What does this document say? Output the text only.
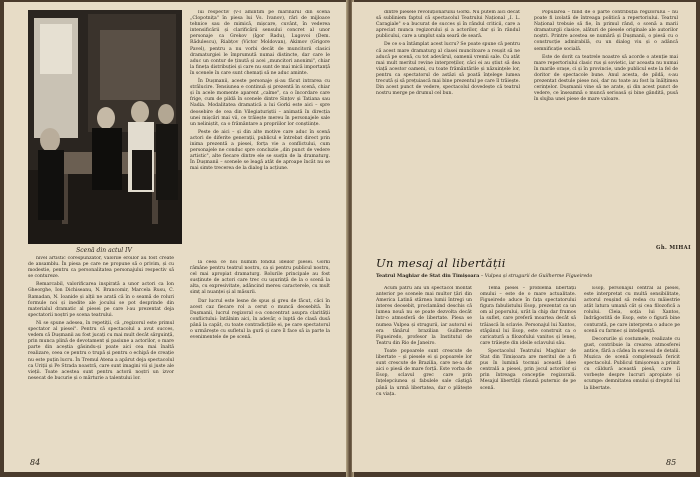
Scenă din actul IV

lui respectiv (v-l amintim pe marinarul din scena „Clopotnița" în piesa lui Vs. Ivanov), rări de mijloace tehnice sau de mimică, mișcare, cuvânt, în vederea intensificării și clarificării sensului concret al unor personaje ca Grekov (Igor Radu), Lugovoi (Dem. Rădulescu), Riabțov (Victor Moldovan), Akimov (Grigore Pavel), pentru a nu vorbi decât de muncitorii clasici dramaturgiei le împrumută numai distincte, dar care le aduc un contur de ținută și acei „muncitori anonimi", chiar la fineța distribuției și care nu sunt de mai mică importanță în scenele în care sunt chemați să ne aduc aminte.

În Dușmanii, aceste personaje și-au făcut intrarea cu strălucire. Tensiunea e continuă și prezentă în scenă, chiar și în acele momente aparent „calme", ca o încordare care frige, cum de pildă în scenele dintre Sințov și Tatiana sau Nadia. Modalitatea dramatică a lui Gorki este aici – spre deosebire de cea din Vilegiaturiștii – animată în direcția unei mișcări mai vii, ce trăiește mereu în personajele sale un neliniștit, ca o frământare a propriilor lor conștiințe.

Peste de aici – și din alte motive care aduc în scenă actori de diferite generații, publicul e întrebat direct prin inima prezentă a piesei, forța vie a conflictului, cum personajele ne conduc spre concluzie „din punct de vedere artistic", alte fiecare dintre ele se susțin de la dramaturg. În Dușmanii – scenele se leagă atât de aproape încât nu se mai simte trecerea de la dialog la acțiune.

nivel artistic corespunzător, valorile eroilor au fost create de ansamblu. În piesa pe care ne propune să o privim, și cu modestie, pentru ca personalitatea personajului respectiv să se contureze.

Remarcabil, valorificarea inspirată a unor actori ca Ion Gheorghe, Ion Dichiseanu, N. Brancomir, Marcela Rusu, C. Ramadan, N. Ioanide și alții ne arată că în o seamă de roluri formule noi și inedite ale jocului se pot desprinde din materialul dramatic al piesei pe care l-au prezentat deja spectatorii noștri pe scena teatrului.

Ni se spune adesea, în repetiții, că „regizorul este primul spectator al piesei". Pentru că spectacolul a avut succes, vedem că Dușmanii au fost jucați cu mai mult decât sârguință, prin munca plină de devotament și pasiune a actorilor, o mare parte din aceștia găsindu-și poate aici cea mai înaltă realizare, ceea ce pentru o trupă și pentru o echipă de creație nu este puțin lucru. În Tremul Atena a apărut deja spectacolul ca Uriții și Pe Strada noastră, care sunt imagini vii și juste ale vieții. Toate acestea sunt pentru actorii noștri un izvor nesecat de bucurie și o mărturie a talentului lor.

la ceea ce noi numim fondul ideilor piesei. Gorki rămâne pentru teatrul nostru, ca și pentru publicul nostru, cel mai apropiat dramaturg. Rolurile principale au fost susținute de actori care trec cu ușurință de la o scenă la alta, cu expresivitate, adâncind mereu caracterele, cu mult simț al nuanței și al măsurii.

Dar lucrul este lesne de spus și greu de făcut, căci în acest caz fiecare rol a cerut o muncă deosebită. În Dușmanii, lucrul regizoral s-a concentrat asupra clarității conflictului: întâlnim aici, în adevăr, o luptă de clasă dusă până la capăt, cu toate contradicțiile ei, pe care spectatorul o urmărește cu sufletul la gură și care îl face să ia parte la evenimentele de pe scenă.

84

dintre piesele revoluționarului Gorki. Nu putem aici decât să subliniem faptul că spectacolul Teatrului Național „I. L. Caragiale" s-a bucurat de succes și în rândul criticii, care a apreciat munca regizorului și a actorilor, dar și în rândul publicului, care a umplut sala seară de seară.

De ce s-a întâmplat acest lucru? Se poate spune că pentru că acest mare dramaturg al clasei muncitoare a reușit să ne aducă pe scenă, cu tot adevărul, oamenii vremii sale. Cu atât mai mult meritul revine interpreților, căci ei au știut să dea viață acestor oameni, cu toate frământările și năzuințele lor, pentru ca spectatorul de astăzi să poată înțelege lumea trecută și să prețuiască mai bine prezentul pe care îl trăiește. Din acest punct de vedere, spectacolul dovedește că teatrul nostru merge pe drumul cel bun.

Popularea – fiind de o parte contribuția regizorului – nu poate fi izolată de întreaga politică a repertoriului. Teatrul Național trebuie să fie, în primul rând, o scenă a marii dramaturgii clasice, alături de piesele originale ale autorilor noștri. Printre acestea se numără și Dușmanii, o piesă cu o construcție admirabilă, cu un dialog viu și o adâncă semnificație socială.

Este de dorit ca teatrele noastre să acorde o atenție mai mare repertoriului clasic rus și sovietic, iar aceasta nu numai în marile orașe, ci și în provincie, unde publicul este la fel de doritor de spectacole bune. Anul acesta, de pildă, s-au prezentat destule piese noi, dar nu toate au fost la înălțimea cerințelor. Dușmanii vine să ne arate, și din acest punct de vedere, ce înseamnă o muncă serioasă și bine gândită, pusă în slujba unei piese de mare valoare.

Gh. MIHAI
Un mesaj al libertății
Teatrul Maghiar de Stat din Timișoara – Vulpea și strugurii de Guilherme Figueiredo

Acum patru ani un spectacol montat anterior pe scenele mai multor țări din America Latină stârnea lumii întregi un interes deosebit, proclamând deschis că lumea nouă nu se poate dezvolta decât într-o atmosferă de libertate. Piesa se numea Vulpea și strugurii, iar autorul ei era tânărul brazilian Guilherme Figueiredo, profesor la Institutul de Teatru din Rio de Janeiro.

Toate popoarele sunt crescute de libertate – și piesele ei și popoarele lor sunt crescute de Brazilia, care ne-a dat aici o piesă de mare forță. Este vorba de Esop, sclavul grec care prin înțelepciunea și fabulele sale câștigă până la urmă libertatea, dar o plătește cu viața.

Tema piesei – problema libertății omului – este de o mare actualitate. Figueiredo aduce în fața spectatorului figura fabulistului Esop, prezentat ca un om al poporului, urât la chip dar frumos la suflet, care preferă moartea decât să trăiască în sclavie. Personajul lui Xantos, stăpânul lui Esop, este construit ca o caricatură a filozofului vanitos și leneș, care trăiește din ideile sclavului său.

Spectacolul Teatrului Maghiar de Stat din Timișoara are meritul de a fi pus în lumină tocmai această idee centrală a piesei, prin jocul actorilor și prin întreaga concepție regizorală. Mesajul libertății răsună puternic de pe scenă.

Esop, personajul central al piesei, este interpretat cu multă sensibilitate, actorul reușind să redea cu măiestrie atât latura umană cât și cea filozofică a rolului. Cleia, soția lui Xantos, îndrăgostită de Esop, este o figură bine conturată, pe care interpreta o aduce pe scenă cu farmec și inteligență.

Decorurile și costumele, realizate cu gust, contribuie la crearea atmosferei antice, fără a cădea în excesul de detalii. Muzica de scenă completează fericit spectacolul. Publicul timișorean a primit cu căldură această piesă, care îi vorbește despre lucruri apropiate și scumpe: demnitatea omului și dreptul lui la libertate.

85
